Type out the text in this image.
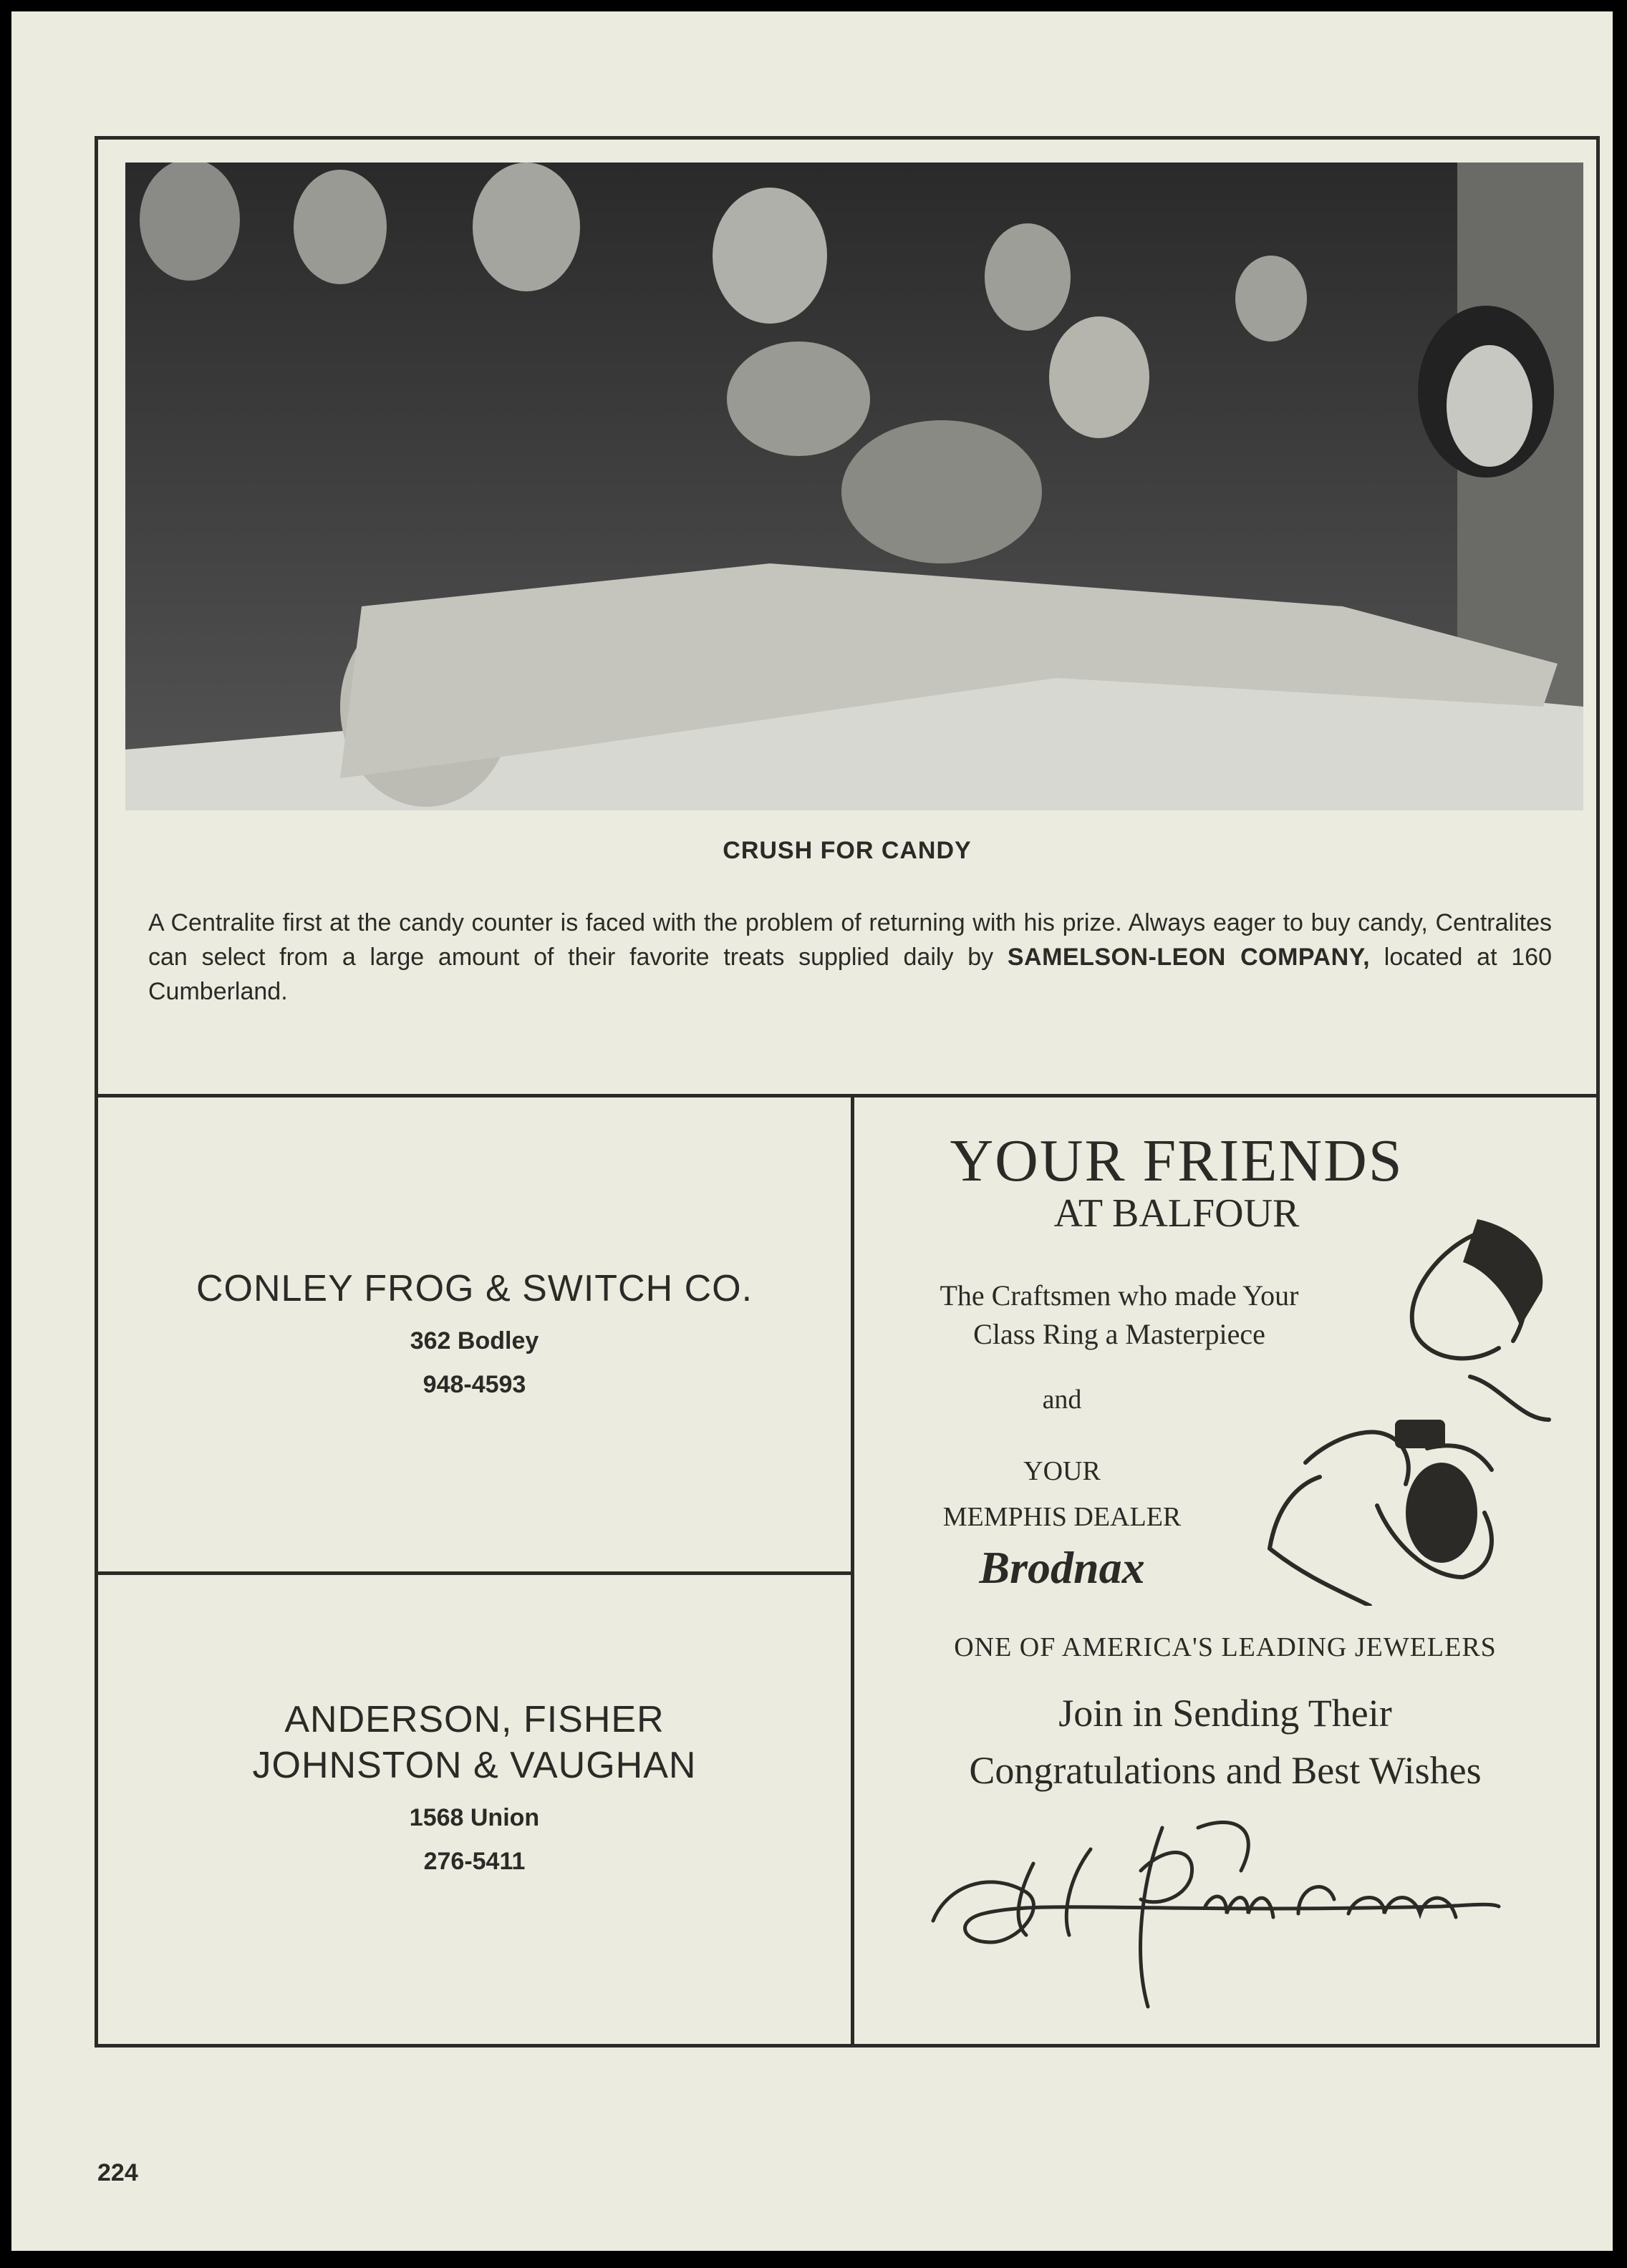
CRUSH FOR CANDY
A Centralite first at the candy counter is faced with the problem of returning with his prize. Always eager to buy candy, Centralites can select from a large amount of their favorite treats supplied daily by SAMELSON-LEON COMPANY, located at 160 Cumberland.
CONLEY FROG & SWITCH CO.
362 Bodley
948-4593
ANDERSON, FISHER
JOHNSTON & VAUGHAN
1568 Union
276-5411
YOUR FRIENDS
AT BALFOUR
The Craftsmen who made Your
Class Ring a Masterpiece
and
YOUR
MEMPHIS DEALER
Brodnax
ONE OF AMERICA'S LEADING JEWELERS
Join in Sending Their
Congratulations and Best Wishes
224
